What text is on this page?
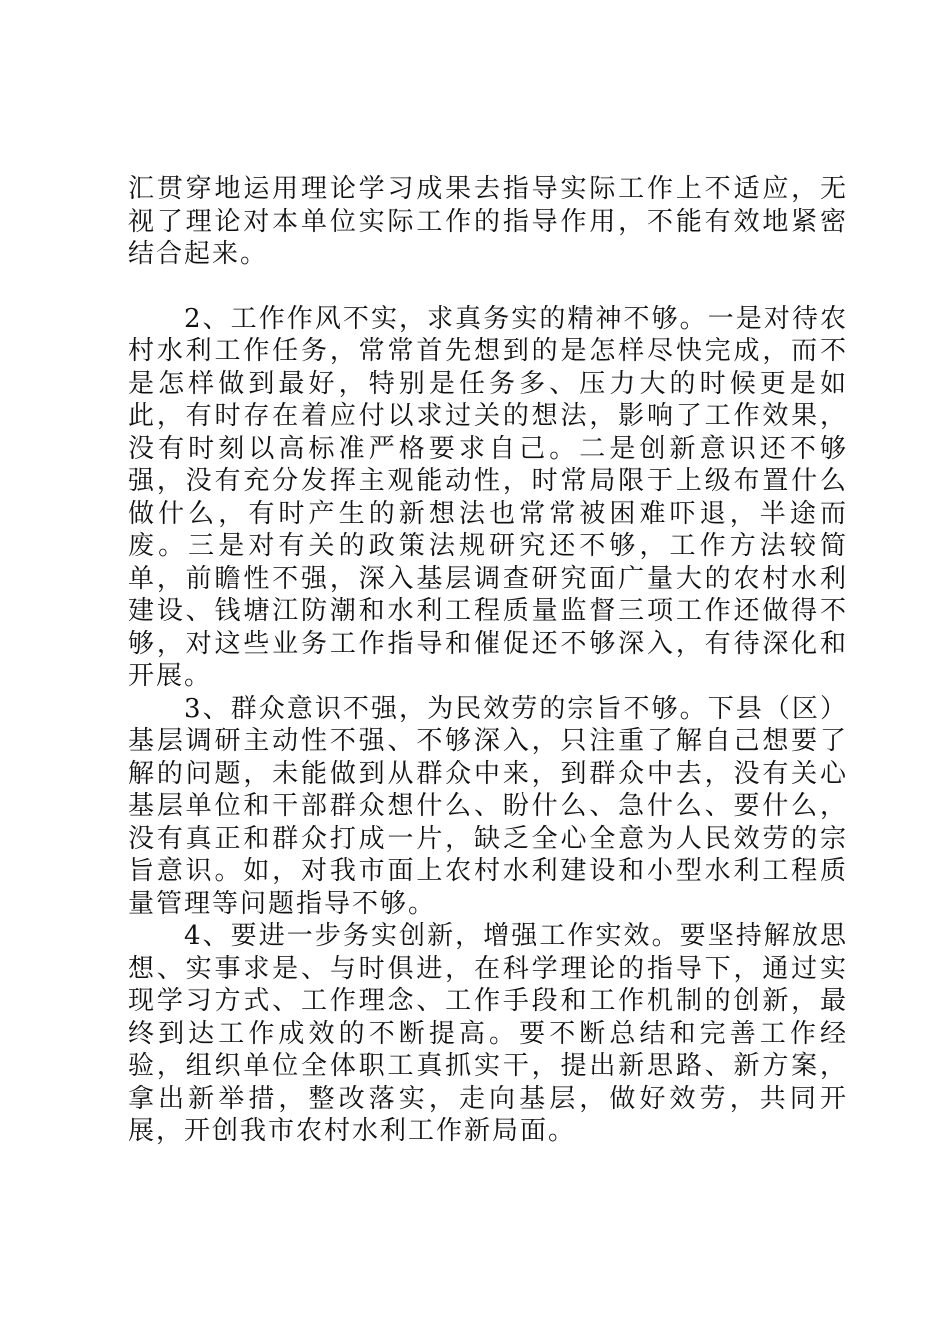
汇贯穿地运用理论学习成果去指导实际工作上不适应，无视了理论对本单位实际工作的指导作用，不能有效地紧密结合起来。

2、工作作风不实，求真务实的精神不够。一是对待农村水利工作任务，常常首先想到的是怎样尽快完成，而不是怎样做到最好，特别是任务多、压力大的时候更是如此，有时存在着应付以求过关的想法，影响了工作效果，没有时刻以高标准严格要求自己。二是创新意识还不够强，没有充分发挥主观能动性，时常局限于上级布置什么做什么，有时产生的新想法也常常被困难吓退，半途而废。三是对有关的政策法规研究还不够，工作方法较简单，前瞻性不强，深入基层调查研究面广量大的农村水利建设、钱塘江防潮和水利工程质量监督三项工作还做得不够，对这些业务工作指导和催促还不够深入，有待深化和开展。

3、群众意识不强，为民效劳的宗旨不够。下县（区）基层调研主动性不强、不够深入，只注重了解自己想要了解的问题，未能做到从群众中来，到群众中去，没有关心基层单位和干部群众想什么、盼什么、急什么、要什么，没有真正和群众打成一片，缺乏全心全意为人民效劳的宗旨意识。如，对我市面上农村水利建设和小型水利工程质量管理等问题指导不够。

4、要进一步务实创新，增强工作实效。要坚持解放思想、实事求是、与时俱进，在科学理论的指导下，通过实现学习方式、工作理念、工作手段和工作机制的创新，最终到达工作成效的不断提高。要不断总结和完善工作经验，组织单位全体职工真抓实干，提出新思路、新方案，拿出新举措，整改落实，走向基层，做好效劳，共同开展，开创我市农村水利工作新局面。
